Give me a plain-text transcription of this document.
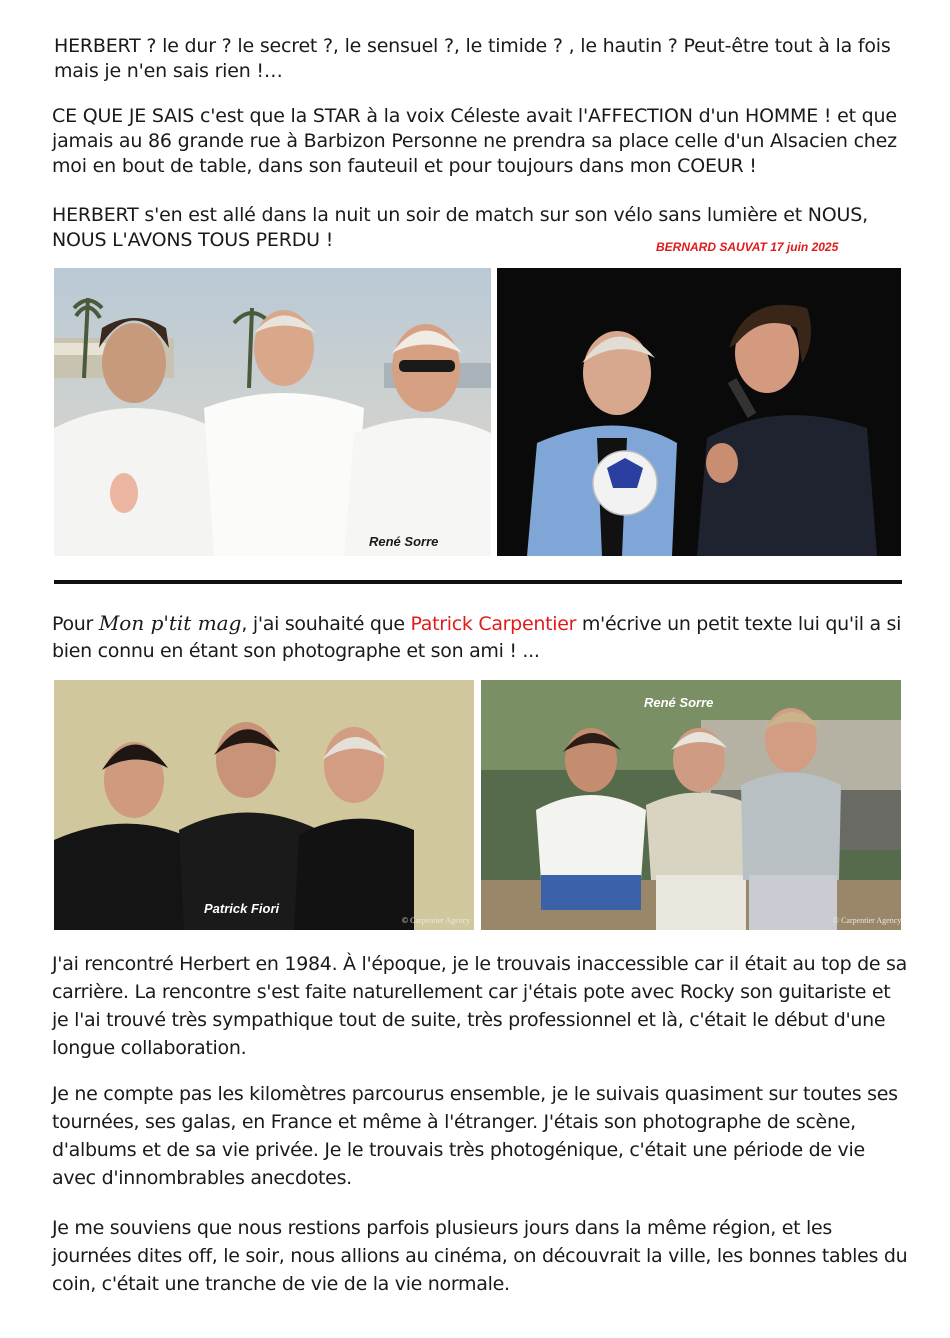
HERBERT ? le dur ? le secret ?, le sensuel ?, le timide ? , le hautin ? Peut-être tout à la fois mais je n'en sais rien !…
CE QUE JE SAIS c'est que la STAR à la voix Céleste avait l'AFFECTION d'un HOMME ! et que jamais au 86 grande rue à Barbizon Personne ne prendra sa place celle d'un Alsacien chez moi en bout de table, dans son fauteuil et pour toujours dans mon COEUR !
HERBERT s'en est allé dans la nuit un soir de match sur son vélo sans lumière et NOUS, NOUS L'AVONS TOUS PERDU !	BERNARD SAUVAT 17 juin 2025
René Sorre
Pour Mon p'tit mag, j'ai souhaité que Patrick Carpentier m'écrive un petit texte lui qu'il a si bien connu en étant son photographe et son ami ! ...
Patrick Fiori
© Carpentier Agency
René Sorre
© Carpentier Agency
J'ai rencontré Herbert en 1984. À l'époque, je le trouvais inaccessible car il était au top de sa carrière. La rencontre s'est faite naturellement car j'étais pote avec Rocky son guitariste et je l'ai trouvé très sympathique tout de suite, très professionnel et là, c'était le début d'une longue collaboration.
Je ne compte pas les kilomètres parcourus ensemble, je le suivais quasiment sur toutes ses tournées, ses galas, en France et même à l'étranger. J'étais son photographe de scène, d'albums et de sa vie privée. Je le trouvais très photogénique, c'était une période de vie avec d'innombrables anecdotes.
Je me souviens que nous restions parfois plusieurs jours dans la même région, et les journées dites off, le soir, nous allions au cinéma, on découvrait la ville, les bonnes tables du coin, c'était une tranche de vie de la vie normale.
